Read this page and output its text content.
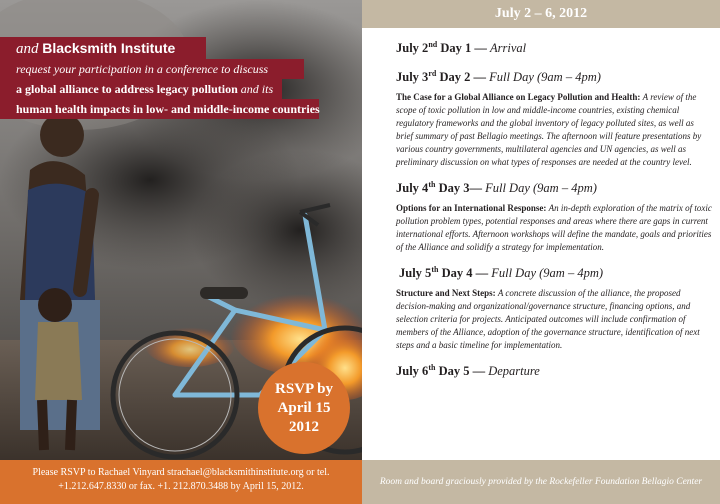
and Blacksmith Institute
request your participation in a conference to discuss
a global alliance to address legacy pollution and its
human health impacts in low- and middle-income countries
RSVP by
April 15
2012
Please RSVP to Rachael Vinyard strachael@blacksmithinstitute.org or tel.
+1.212.647.8330 or fax. +1. 212.870.3488 by April 15, 2012.
July 2 – 6, 2012

July 2nd Day 1 — Arrival

July 3rd Day 2 — Full Day (9am – 4pm)

The Case for a Global Alliance on Legacy Pollution and Health: A review of the scope of toxic pollution in low and middle-income countries, existing chemical regulatory frameworks and the global inventory of legacy polluted sites, as well as brief summary of past Bellagio meetings. The afternoon will feature presentations by various country governments, multilateral agencies and UN agencies, as well as preliminary discussion on what types of responses are needed at the country level.

July 4th Day 3— Full Day (9am – 4pm)

Options for an International Response: An in-depth exploration of the matrix of toxic pollution problem types, potential responses and areas where there are gaps in current international efforts. Afternoon workshops will define the mandate, goals and priorities of the Alliance and solidify a strategy for implementation.

July 5th Day 4 — Full Day (9am – 4pm)

Structure and Next Steps: A concrete discussion of the alliance, the proposed decision-making and organizational/governance structure, financing options, and selection criteria for projects. Anticipated outcomes will include confirmation of members of the Alliance, adoption of the governance structure, identification of next steps and a basic timeline for implementation.

July 6th Day 5 — Departure

Room and board graciously provided by the Rockefeller Foundation Bellagio Center
